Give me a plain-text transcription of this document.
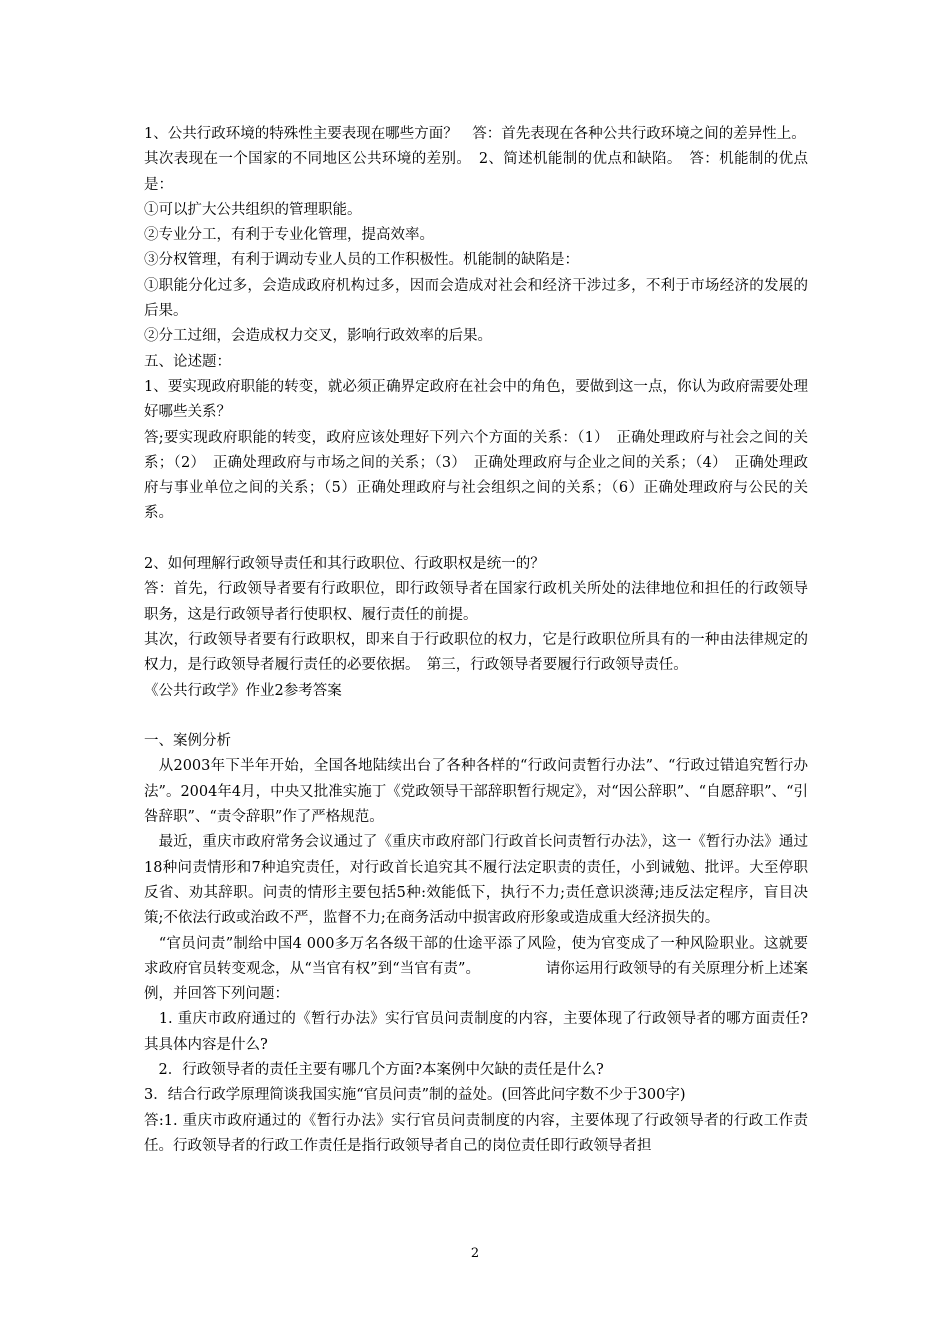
1、公共行政环境的特殊性主要表现在哪些方面？　答：首先表现在各种公共行政环境之间的差异性上。

其次表现在一个国家的不同地区公共环境的差别。　2、简述机能制的优点和缺陷。　答：机能制的优点是：

①可以扩大公共组织的管理职能。

②专业分工，有利于专业化管理，提高效率。

③分权管理，有利于调动专业人员的工作积极性。机能制的缺陷是：

①职能分化过多，会造成政府机构过多，因而会造成对社会和经济干涉过多，不利于市场经济的发展的后果。

②分工过细，会造成权力交叉，影响行政效率的后果。

五、论述题：

1、要实现政府职能的转变，就必须正确界定政府在社会中的角色，要做到这一点，你认为政府需要处理好哪些关系？

答;要实现政府职能的转变，政府应该处理好下列六个方面的关系：（1）　正确处理政府与社会之间的关系；（2）　正确处理政府与市场之间的关系；（3）　正确处理政府与企业之间的关系；（4）　正确处理政府与事业单位之间的关系；（5）正确处理政府与社会组织之间的关系；（6）正确处理政府与公民的关系。

2、如何理解行政领导责任和其行政职位、行政职权是统一的？

答：首先，行政领导者要有行政职位，即行政领导者在国家行政机关所处的法律地位和担任的行政领导职务，这是行政领导者行使职权、履行责任的前提。

其次，行政领导者要有行政职权，即来自于行政职位的权力，它是行政职位所具有的一种由法律规定的权力，是行政领导者履行责任的必要依据。　第三，行政领导者要履行行政领导责任。

《公共行政学》作业2参考答案

一、案例分析

　从2003年下半年开始，全国各地陆续出台了各种各样的“行政问责暂行办法”、“行政过错追究暂行办法”。2004年4月，中央又批准实施丁《党政领导干部辞职暂行规定》，对“因公辞职”、“自愿辞职”、“引咎辞职”、“责令辞职”作了严格规范。

　最近，重庆市政府常务会议通过了《重庆市政府部门行政首长问责暂行办法》，这一《暂行办法》通过18种问责情形和7种追究责任，对行政首长追究其不履行法定职责的责任，小到诫勉、批评。大至停职反省、劝其辞职。问责的情形主要包括5种:效能低下，执行不力;责任意识淡薄;违反法定程序，盲目决策;不依法行政或治政不严，监督不力;在商务活动中损害政府形象或造成重大经济损失的。

　“官员问责”制给中国4 000多万名各级干部的仕途平添了风险，使为官变成了一种风险职业。这就要求政府官员转变观念，从“当官有权”到“当官有责”。　　　　　请你运用行政领导的有关原理分析上述案例，并回答下列问题：

　1. 重庆市政府通过的《暂行办法》实行官员问责制度的内容，主要体现了行政领导者的哪方面责任?其具体内容是什么?

　2．行政领导者的责任主要有哪几个方面?本案例中欠缺的责任是什么?

3．结合行政学原理简谈我国实施“官员问责”制的益处。(回答此问字数不少于300字)

答:1. 重庆市政府通过的《暂行办法》实行官员问责制度的内容，主要体现了行政领导者的行政工作责任。行政领导者的行政工作责任是指行政领导者自己的岗位责任即行政领导者担

2
